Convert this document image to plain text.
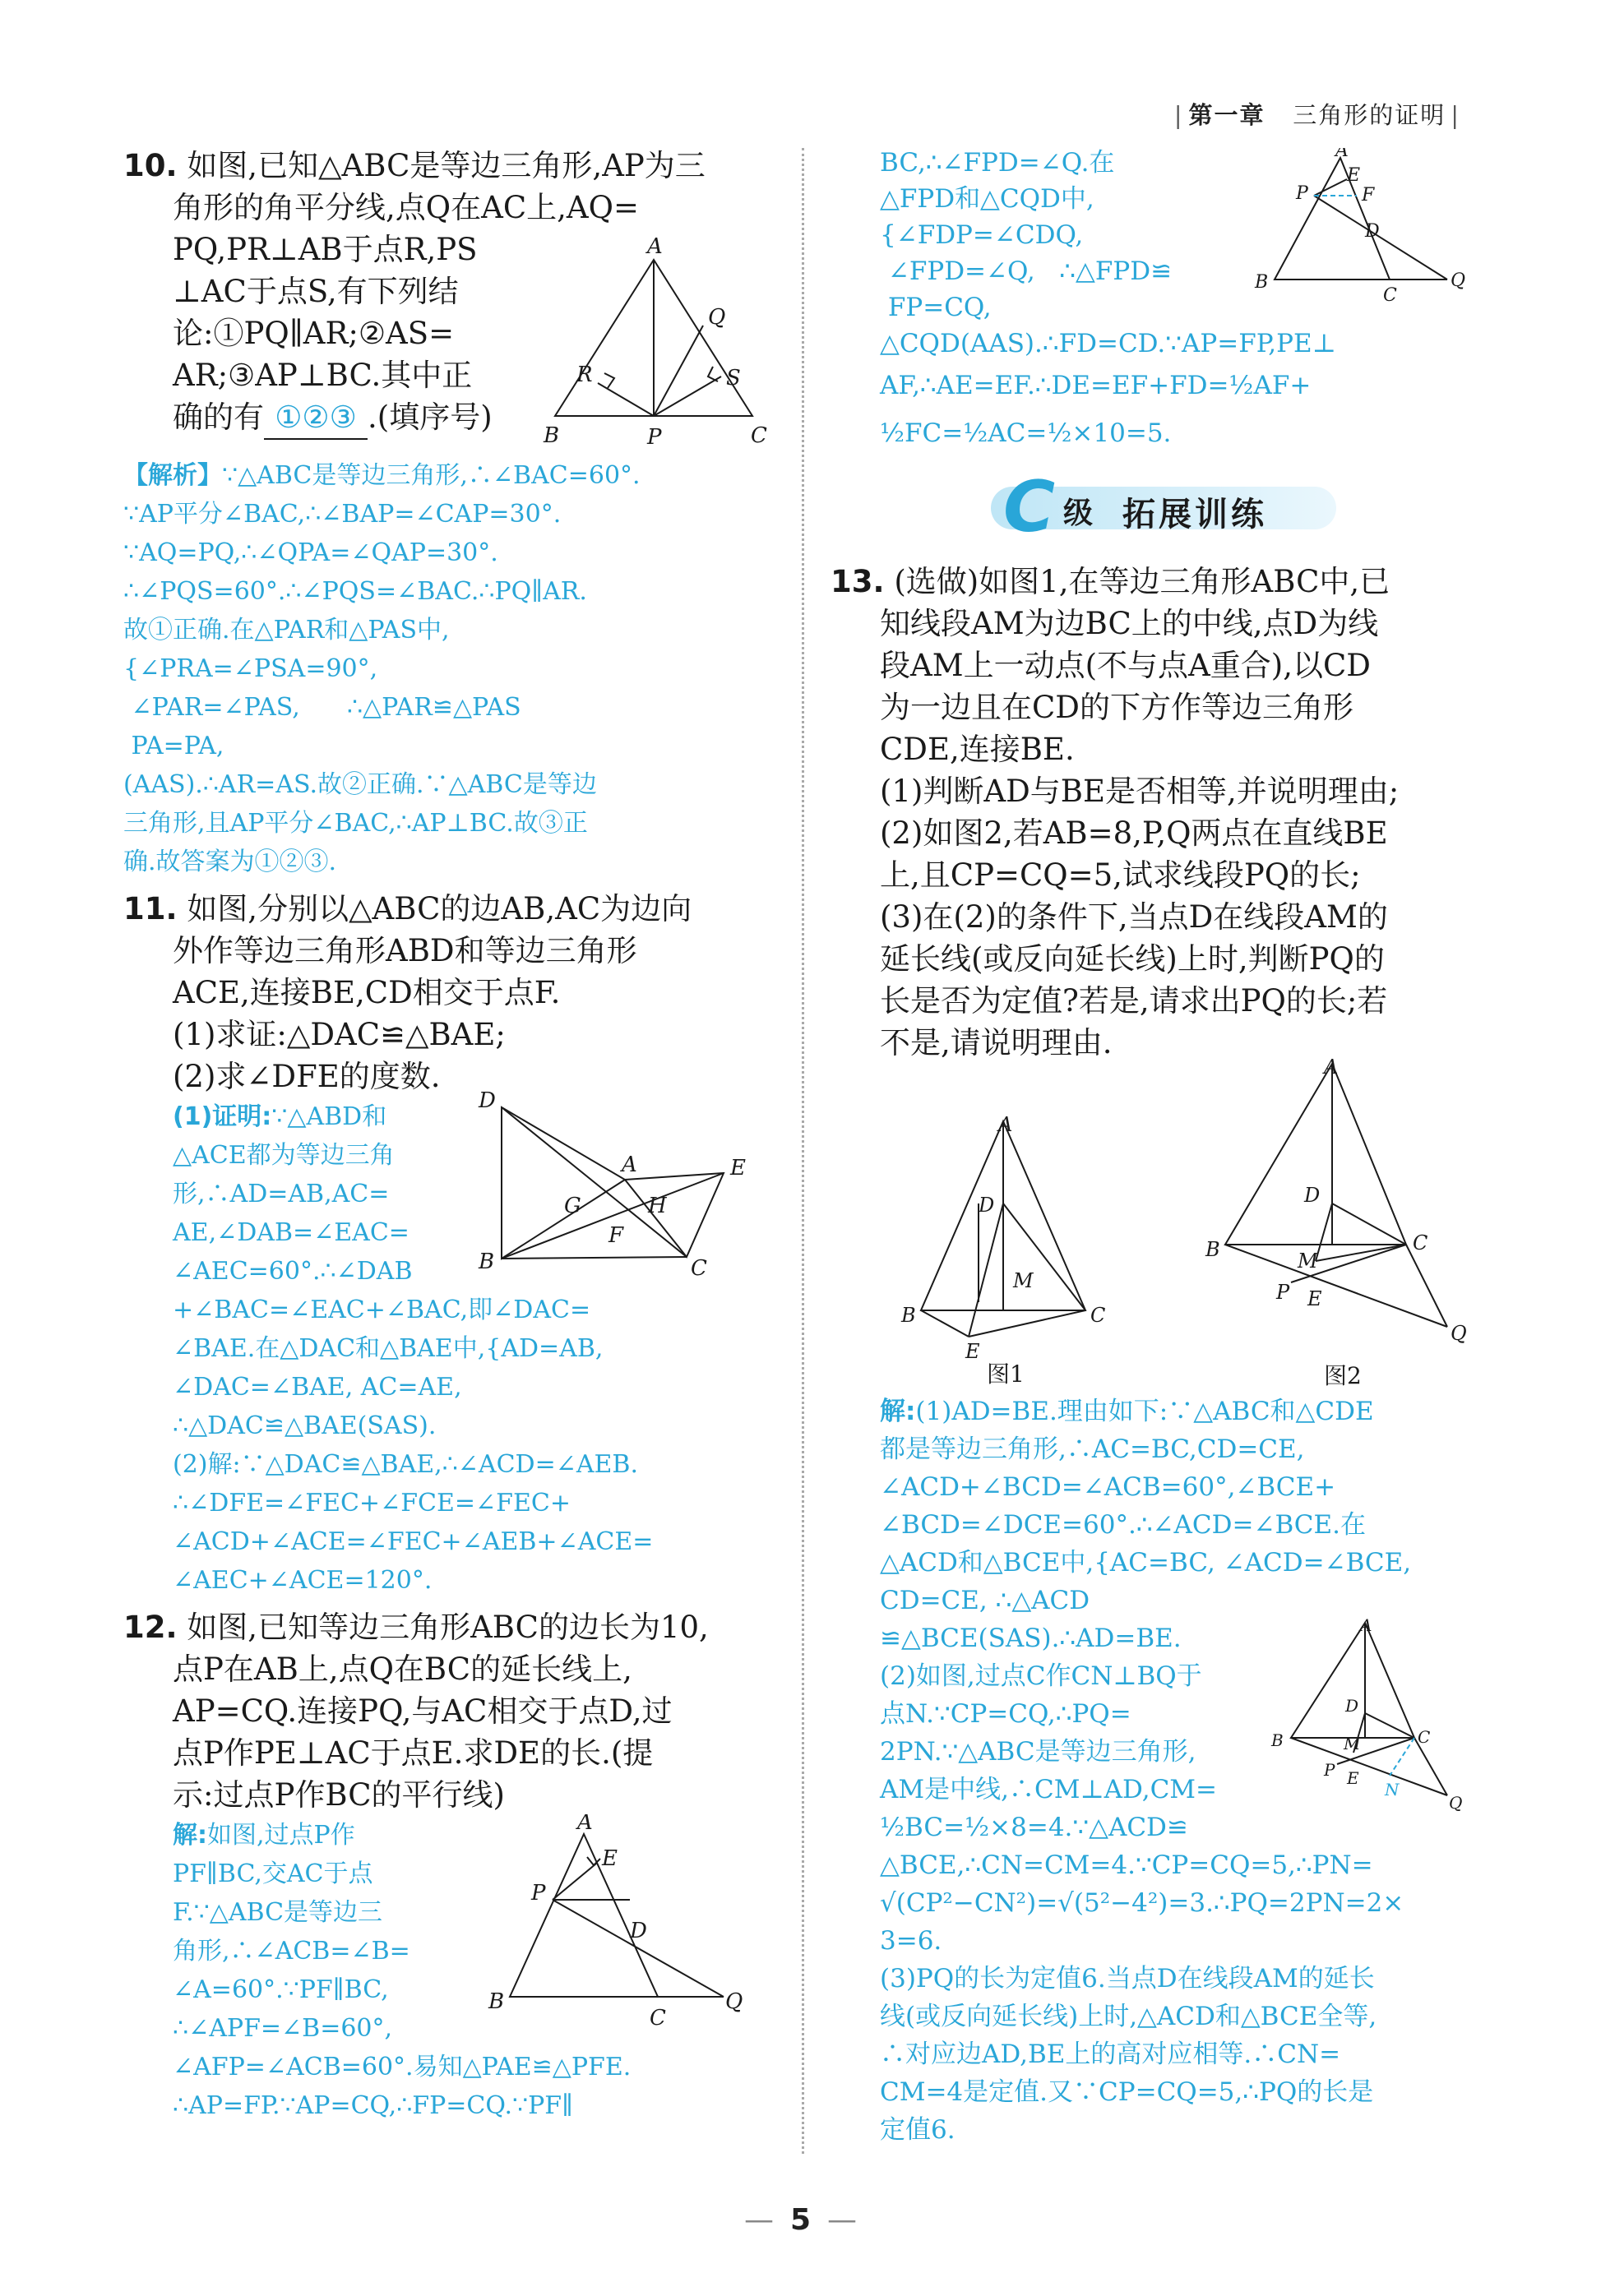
| 第一章 三角形的证明 |

10. 如图,已知△ABC是等边三角形,AP为三

角形的角平分线,点Q在AC上,AQ=

PQ,PR⊥AB于点R,PS

⊥AC于点S,有下列结

论:①PQ∥AR;②AS=

AR;③AP⊥BC.其中正

确的有 ①②③ .(填序号)

A
B	P	C
R	S
Q

【解析】∵△ABC是等边三角形,∴∠BAC=60°.

∵AP平分∠BAC,∴∠BAP=∠CAP=30°.

∵AQ=PQ,∴∠QPA=∠QAP=30°.

∴∠PQS=60°.∴∠PQS=∠BAC.∴PQ∥AR.

故①正确.在△PAR和△PAS中,

{∠PRA=∠PSA=90°,

∠PAR=∠PAS,      ∴△PAR≌△PAS

PA=PA,

(AAS).∴AR=AS.故②正确.∵△ABC是等边

三角形,且AP平分∠BAC,∴AP⊥BC.故③正

确.故答案为①②③.

11. 如图,分别以△ABC的边AB,AC为边向

外作等边三角形ABD和等边三角形

ACE,连接BE,CD相交于点F.

(1)求证:△DAC≌△BAE;

(2)求∠DFE的度数.

(1)证明:∵△ABD和

△ACE都为等边三角

形,∴AD=AB,AC=

AE,∠DAB=∠EAC=

∠AEC=60°.∴∠DAB

+∠BAC=∠EAC+∠BAC,即∠DAC=

∠BAE.在△DAC和△BAE中,{AD=AB, ∠DAC=∠BAE, AC=AE,

∴△DAC≌△BAE(SAS).

(2)解:∵△DAC≌△BAE,∴∠ACD=∠AEB.

∴∠DFE=∠FEC+∠FCE=∠FEC+

∠ACD+∠ACE=∠FEC+∠AEB+∠ACE=

∠AEC+∠ACE=120°.

D
A	E
B	C
G	H
F

12. 如图,已知等边三角形ABC的边长为10,

点P在AB上,点Q在BC的延长线上,

AP=CQ.连接PQ,与AC相交于点D,过

点P作PE⊥AC于点E.求DE的长.(提

示:过点P作BC的平行线)

解:如图,过点P作

PF∥BC,交AC于点

F.∵△ABC是等边三

角形,∴∠ACB=∠B=

∠A=60°.∵PF∥BC,

∴∠APF=∠B=60°,

∠AFP=∠ACB=60°.易知△PAE≌△PFE.

∴AP=FP.∵AP=CQ,∴FP=CQ.∵PF∥

A
E
P
D
B
C
Q

BC,∴∠FPD=∠Q.在

△FPD和△CQD中,

{∠FDP=∠CDQ,

∠FPD=∠Q,   ∴△FPD≌

FP=CQ,

△CQD(AAS).∴FD=CD.∵AP=FP,PE⊥

AF,∴AE=EF.∴DE=EF+FD=½AF+

½FC=½AC=½×10=5.

A
E
P	F
D
B
C
Q
C 级 拓展训练

13. (选做)如图1,在等边三角形ABC中,已

知线段AM为边BC上的中线,点D为线

段AM上一动点(不与点A重合),以CD

为一边且在CD的下方作等边三角形

CDE,连接BE.

(1)判断AD与BE是否相等,并说明理由;

(2)如图2,若AB=8,P,Q两点在直线BE

上,且CP=CQ=5,试求线段PQ的长;

(3)在(2)的条件下,当点D在线段AM的

延长线(或反向延长线)上时,判断PQ的

长是否为定值?若是,请求出PQ的长;若

不是,请说明理由.

A
D
M
B	C
E
图1
A
D
M
B	C
P E
Q
图2

解:(1)AD=BE.理由如下:∵△ABC和△CDE

都是等边三角形,∴AC=BC,CD=CE,

∠ACD+∠BCD=∠ACB=60°,∠BCE+

∠BCD=∠DCE=60°.∴∠ACD=∠BCE.在

△ACD和△BCE中,{AC=BC, ∠ACD=∠BCE, CD=CE, ∴△ACD

≌△BCE(SAS).∴AD=BE.

(2)如图,过点C作CN⊥BQ于

点N.∵CP=CQ,∴PQ=

2PN.∵△ABC是等边三角形,

AM是中线,∴CM⊥AD,CM=

½BC=½×8=4.∵△ACD≌

△BCE,∴CN=CM=4.∵CP=CQ=5,∴PN=

√(CP²−CN²)=√(5²−4²)=3.∴PQ=2PN=2×

3=6.

(3)PQ的长为定值6.当点D在线段AM的延长

线(或反向延长线)上时,△ACD和△BCE全等,

∴对应边AD,BE上的高对应相等.∴CN=

CM=4是定值.又∵CP=CQ=5,∴PQ的长是

定值6.

A
D
M
B	C
P E
N
Q
— 5 —
